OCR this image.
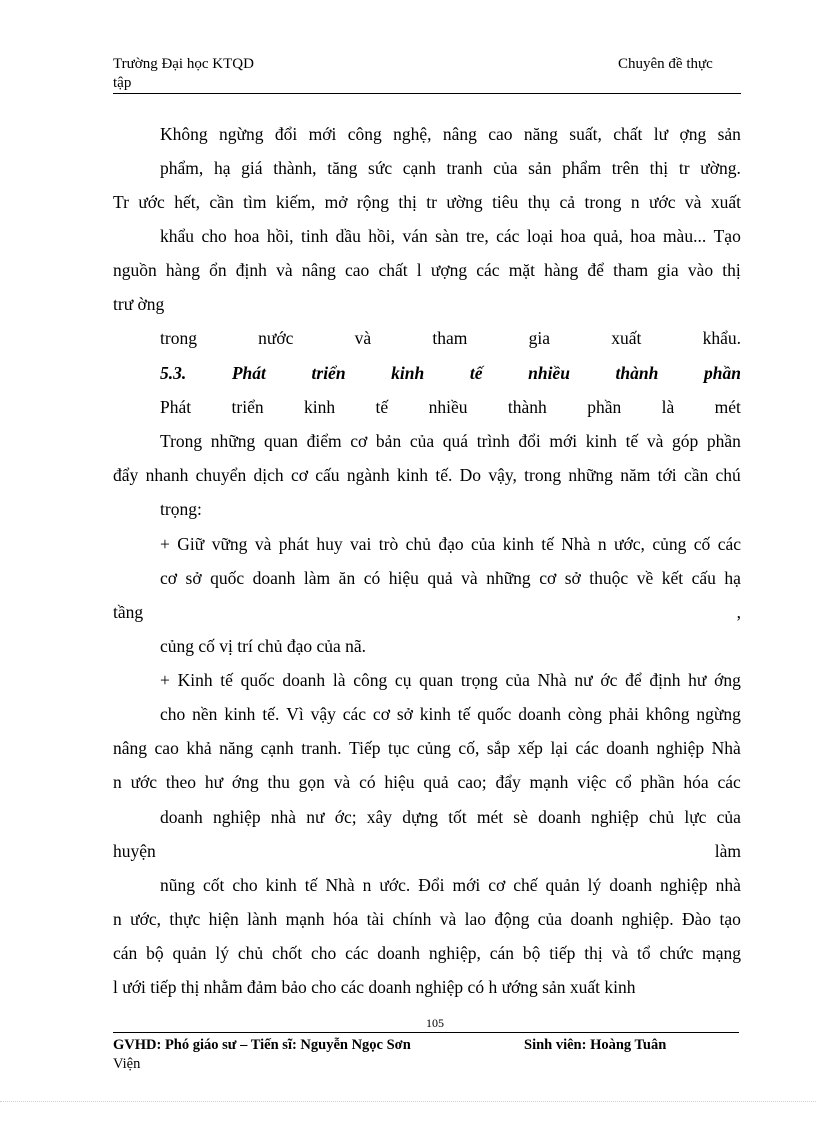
Trường Đại học KTQD
tập
Chuyên đề thực
Không ngừng đổi mới công nghệ, nâng cao năng suất, chất lư ợng sản
phẩm, hạ giá thành, tăng sức cạnh tranh của sản phẩm trên thị tr ường.
Tr ước hết, cần tìm kiếm, mở rộng thị tr ường tiêu thụ cả trong n ước và xuất
khẩu cho hoa hồi, tinh dầu hồi, ván sàn tre, các loại hoa quả, hoa màu... Tạo
nguồn hàng ổn định và nâng cao chất l ượng các mặt hàng để tham gia vào thị
trư ờng
trong	nước	và	tham	gia	xuất	khẩu.
5.3.	Phát	triển	kinh	tế	nhiều	thành	phần
Phát triển kinh tế nhiều thành phần là mét
Trong những quan điểm cơ bản của quá trình đổi mới kinh tế và góp phần
đẩy nhanh chuyển dịch cơ cấu ngành kinh tế. Do vậy, trong những năm tới cần chú
trọng:
+ Giữ vững và phát huy vai trò chủ đạo của kinh tế Nhà n ước, củng cố các
cơ sở quốc doanh làm ăn có hiệu quả và những cơ sở thuộc về kết cấu hạ
tầng	,
củng cố vị trí chủ đạo của nã.
+ Kinh tế quốc doanh là công cụ quan trọng của Nhà nư ớc để định hư ớng
cho nền kinh tế. Vì vậy các cơ sở kinh tế quốc doanh còng phải không ngừng
nâng cao khả năng cạnh tranh. Tiếp tục củng cố, sắp xếp lại các doanh nghiệp Nhà
n ước theo hư ớng thu gọn và có hiệu quả cao; đẩy mạnh việc cổ phần hóa các
doanh nghiệp nhà nư ớc; xây dựng tốt mét sè doanh nghiệp chủ lực của
huyện	làm
nũng cốt cho kinh tế Nhà n ước. Đổi mới cơ chế quản lý doanh nghiệp nhà
n ước, thực hiện lành mạnh hóa tài chính và lao động của doanh nghiệp. Đào tạo
cán bộ quản lý chủ chốt cho các doanh nghiệp, cán bộ tiếp thị và tổ chức mạng
l ưới tiếp thị nhằm đảm bảo cho các doanh nghiệp có h ướng sản xuất kinh
105
GVHD: Phó giáo sư – Tiến sĩ: Nguyễn Ngọc Sơn	Sinh viên: Hoàng Tuân
Viện
